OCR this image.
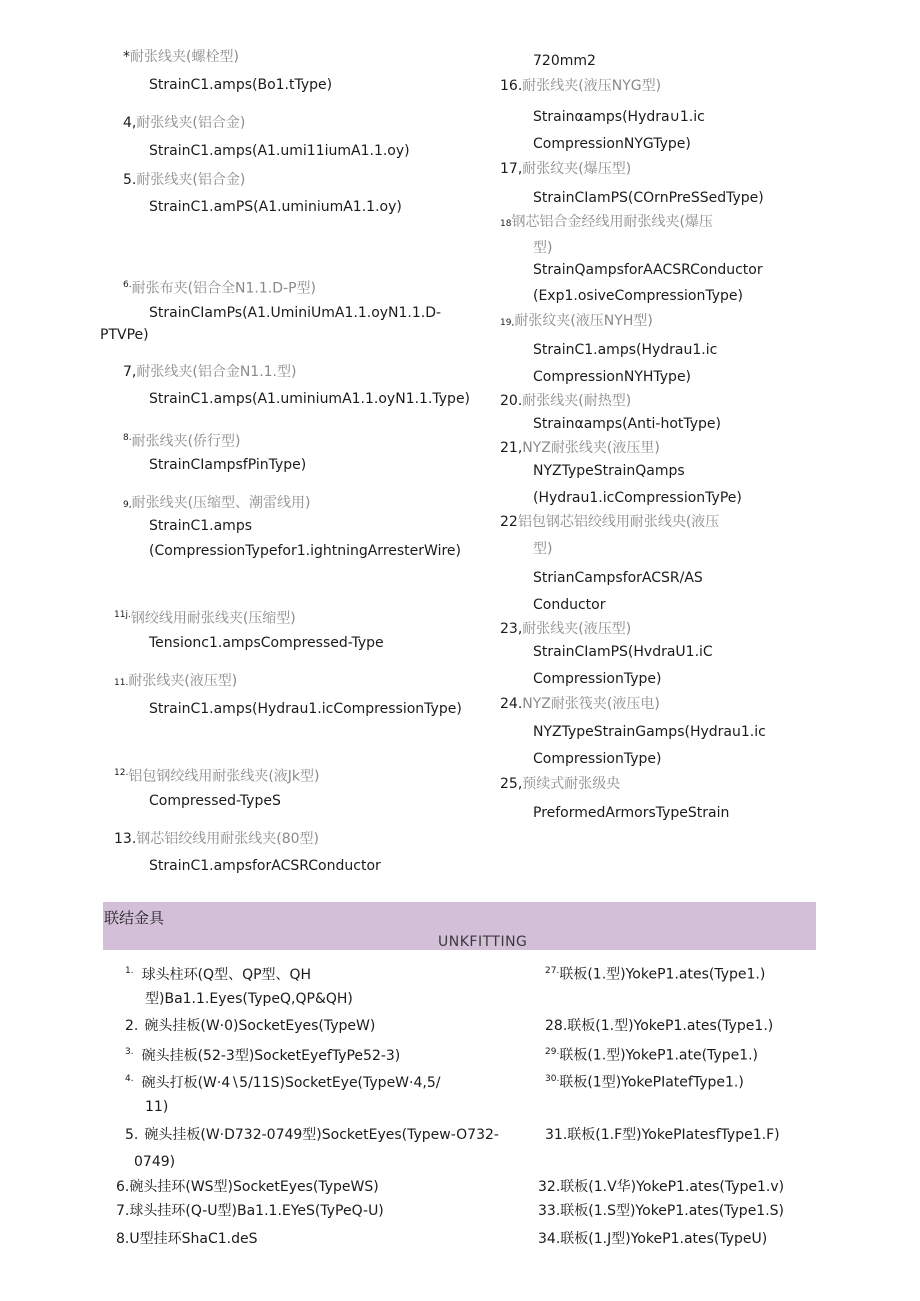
*耐张线夹(螺栓型)
StrainC1.amps(Bo1.tType)
4,耐张线夹(铝合金)
StrainC1.amps(A1.umi11iumA1.1.oy)
5.耐张线夹(铝合金)
StrainC1.amPS(A1.uminiumA1.1.oy)
$^{6.}$耐张布夹(铝合全N1.1.D-P型)
StrainCIamPs(A1.UminiUmA1.1.oyN1.1.D-
PTVPe)
7,耐张线夹(铝合金N1.1.型)
StrainC1.amps(A1.uminiumA1.1.oyN1.1.Type)
$^{8.}$耐张线夹(侨行型)
StrainCIampsfPinType)
9,耐张线夹(压缩型、潮雷线用)
StrainC1.amps
(CompressionTypefor1.ightningArresterWire)
$^{11j.}$钢绞线用耐张线夹(压缩型)
Tensionc1.ampsCompressed-Type
11.耐张线夹(液压型)
StrainC1.amps(Hydrau1.icCompressionType)
$^{12.}$铝包钢绞线用耐张线夹(液Jk型)
Compressed-TypeS
13.钢芯铝绞线用耐张线夹(80型)
StrainC1.ampsforACSRConductor
720mm2
16.耐张线夹(液压NYG型)
Strainαamps(Hydra∪1.ic
CompressionNYGType)
17,耐张纹夹(爆压型)
StrainCIamPS(COrnPreSSedType)
18钢芯铝合金经线用耐张线夹(爆压
型)
StrainQampsforAACSRConductor
(Exp1.osiveCompressionType)
19,耐张纹夹(液压NYH型)
StrainC1.amps(Hydrau1.ic
CompressionNYHType)
20.耐张线夹(耐热型)
Strainαamps(Anti-hotType)
21,NYZ耐张线夹(液压里)
NYZTypeStrainQamps
(Hydrau1.icCompressionTyPe)
22铝包钢芯铝绞线用耐张线央(液压
型)
StrianCampsforACSR/AS
Conductor
23,耐张线夹(液压型)
StrainCIamPS(HvdraU1.iC
CompressionType)
24.NYZ耐张筏夹(液压电)
NYZTypeStrainGamps(Hydrau1.ic
CompressionType)
25,预续式耐张级央
PreformedArmorsTypeStrain
联结金具
UNKFITTING
$^{1.}$ 球头柱环(Q型、QP型、QH
型)Ba1.1.Eyes(TypeQ,QP&QH)
2. 碗头挂板(W·0)SocketEyes(TypeW)
$^{3.}$ 碗头挂板(52-3型)SocketEyefTyPe52-3)
$^{4.}$ 碗头打板(W·4∖5/11S)SocketEye(TypeW·4,5/
11)
5. 碗头挂板(W·D732-0749型)SocketEyes(Typew-O732-
0749)
6.碗头挂环(WS型)SocketEyes(TypeWS)
7.球头挂环(Q-U型)Ba1.1.EYeS(TyPeQ-U)
8.U型挂环ShaC1.deS
$^{27.}$联板(1.型)YokeP1.ates(Type1.)
28.联板(1.型)YokeP1.ates(Type1.)
$^{29.}$联板(1.型)YokeP1.ate(Type1.)
$^{30.}$联板(1型)YokePIatefType1.)
31.联板(1.F型)YokePIatesfType1.F)
32.联板(1.V华)YokeP1.ates(Type1.v)
33.联板(1.S型)YokeP1.ates(Type1.S)
34.联板(1.J型)YokeP1.ates(TypeU)
